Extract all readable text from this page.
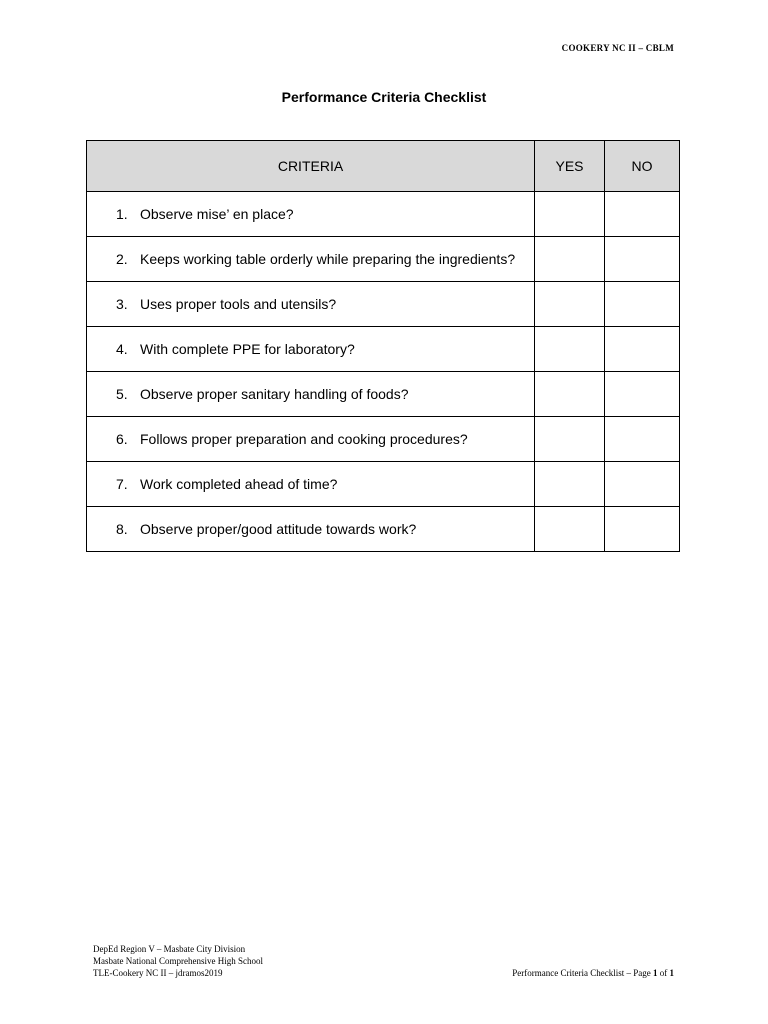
COOKERY NC II – CBLM
Performance Criteria Checklist
CRITERIA	YES	NO

1. Observe mise’ en place?		

2. Keeps working table orderly while preparing the ingredients?		

3. Uses proper tools and utensils?		

4. With complete PPE for laboratory?		

5. Observe proper sanitary handling of foods?		

6. Follows proper preparation and cooking procedures?		

7. Work completed ahead of time?		

8. Observe proper/good attitude towards work?		

DepEd Region V – Masbate City Division
Masbate National Comprehensive High School
TLE-Cookery NC II – jdramos2019	Performance Criteria Checklist – Page 1 of 1
